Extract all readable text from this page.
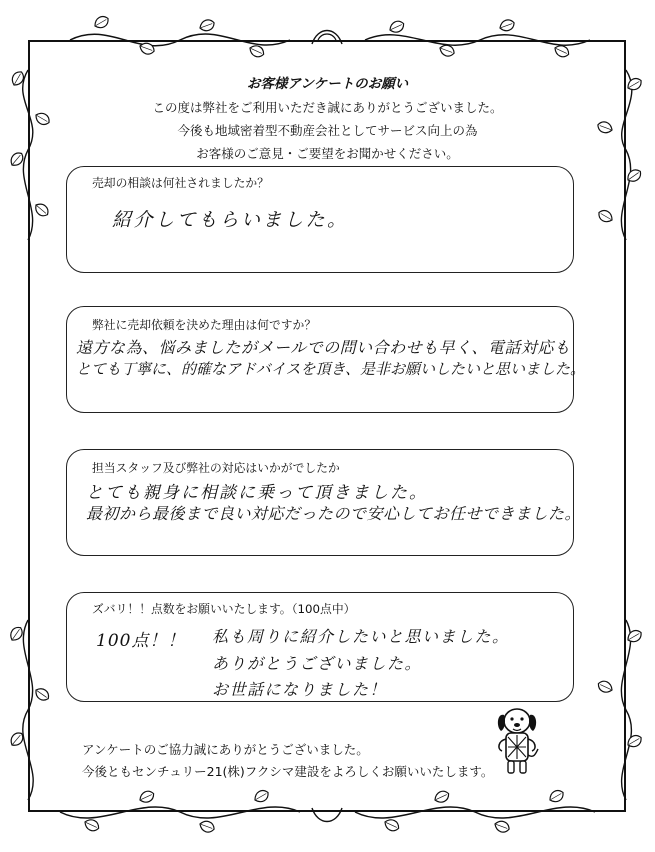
お客様アンケートのお願い
この度は弊社をご利用いただき誠にありがとうございました。
今後も地域密着型不動産会社としてサービス向上の為
お客様のご意見・ご要望をお聞かせください。
売却の相談は何社されましたか？
紹介してもらいました。
弊社に売却依頼を決めた理由は何ですか？
遠方な為、悩みましたがメールでの問い合わせも早く、電話対応も
とても丁寧に、的確なアドバイスを頂き、是非お願いしたいと思いました。
担当スタッフ及び弊社の対応はいかがでしたか
とても親身に相談に乗って頂きました。
最初から最後まで良い対応だったので安心してお任せできました。
ズバリ！！点数をお願いいたします。（100点中）
100点！！ 私も周りに紹介したいと思いました。
ありがとうございました。
お世話になりました！
アンケートのご協力誠にありがとうございました。
今後ともセンチュリー21(株)フクシマ建設をよろしくお願いいたします。
